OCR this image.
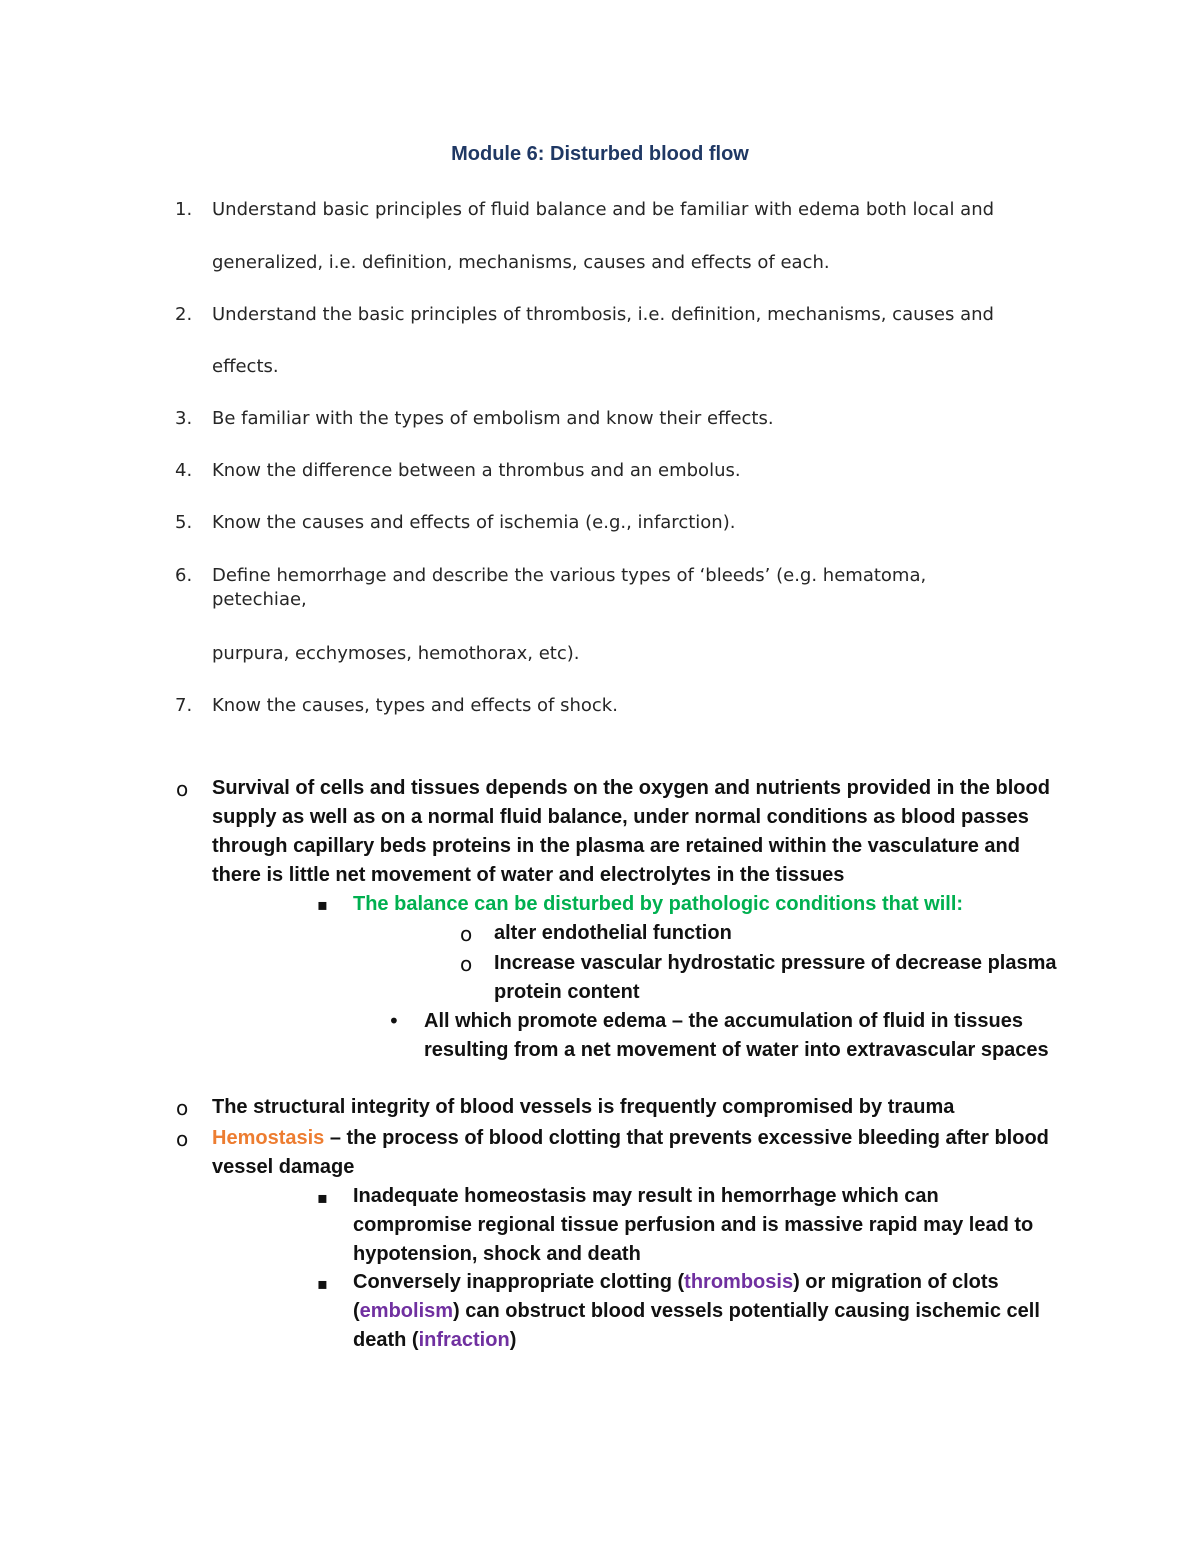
Module 6: Disturbed blood flow
1. Understand basic principles of fluid balance and be familiar with edema both local and
generalized, i.e. definition, mechanisms, causes and effects of each.
2. Understand the basic principles of thrombosis, i.e. definition, mechanisms, causes and
effects.
3. Be familiar with the types of embolism and know their effects.
4. Know the difference between a thrombus and an embolus.
5. Know the causes and effects of ischemia (e.g., infarction).
6. Define hemorrhage and describe the various types of ‘bleeds’ (e.g. hematoma,
petechiae,
purpura, ecchymoses, hemothorax, etc).
7. Know the causes, types and effects of shock.
o Survival of cells and tissues depends on the oxygen and nutrients provided in the blood
supply as well as on a normal fluid balance, under normal conditions as blood passes
through capillary beds proteins in the plasma are retained within the vasculature and
there is little net movement of water and electrolytes in the tissues
▪ The balance can be disturbed by pathologic conditions that will:
o alter endothelial function
o Increase vascular hydrostatic pressure of decrease plasma
protein content
• All which promote edema – the accumulation of fluid in tissues
resulting from a net movement of water into extravascular spaces
o The structural integrity of blood vessels is frequently compromised by trauma
o Hemostasis – the process of blood clotting that prevents excessive bleeding after blood
vessel damage
▪ Inadequate homeostasis may result in hemorrhage which can
compromise regional tissue perfusion and is massive rapid may lead to
hypotension, shock and death
▪ Conversely inappropriate clotting (thrombosis) or migration of clots
(embolism) can obstruct blood vessels potentially causing ischemic cell
death (infraction)
